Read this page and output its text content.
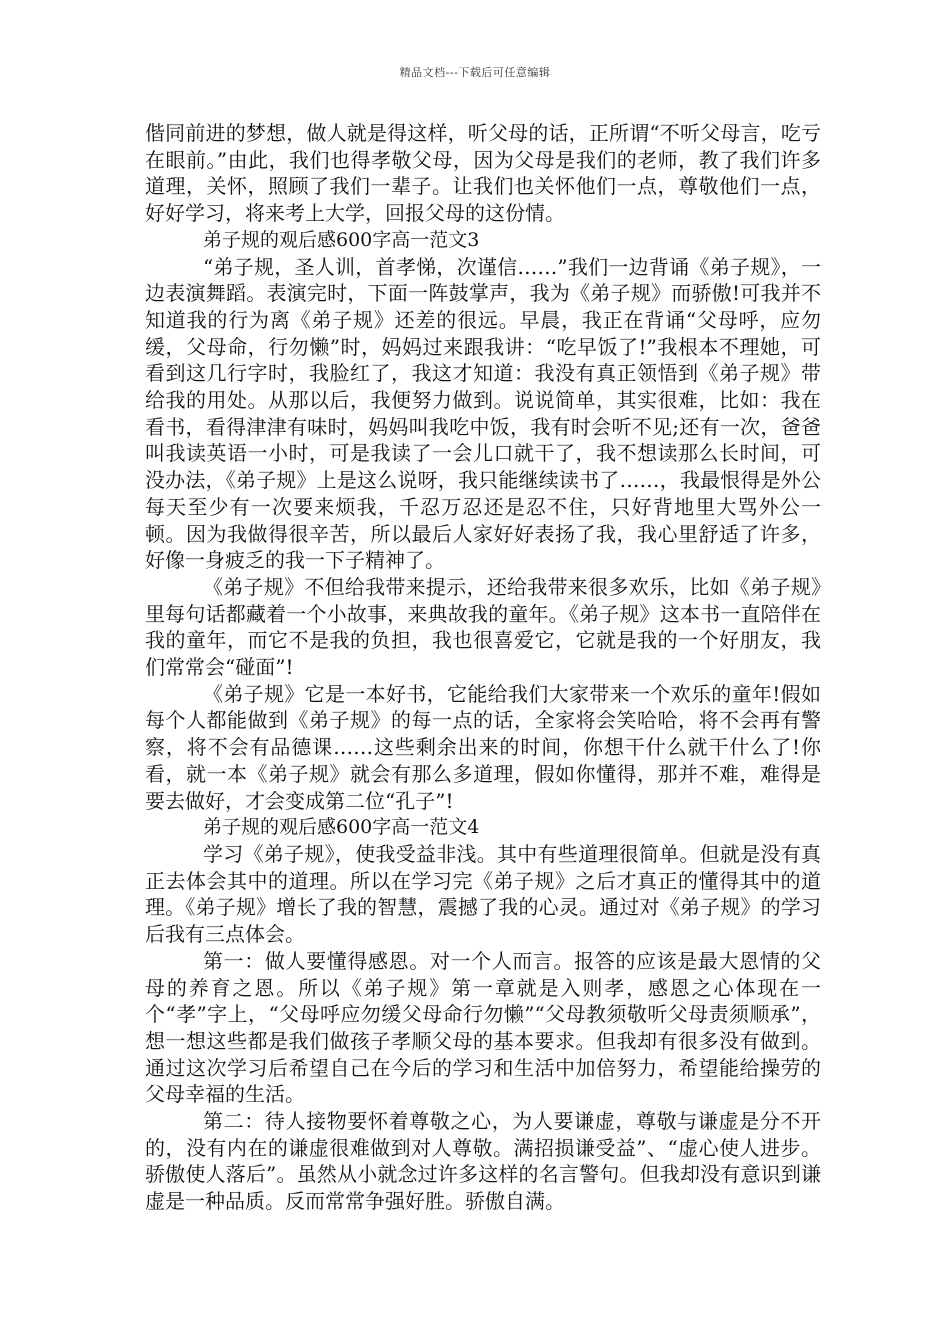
精品文档---下载后可任意编辑

偕同前进的梦想，做人就是得这样，听父母的话，正所谓“不听父母言，吃亏在眼前。”由此，我们也得孝敬父母，因为父母是我们的老师，教了我们许多道理，关怀，照顾了我们一辈子。让我们也关怀他们一点，尊敬他们一点，好好学习，将来考上大学，回报父母的这份情。

弟子规的观后感600字高一范文3

“弟子规，圣人训，首孝悌，次谨信……”我们一边背诵《弟子规》，一边表演舞蹈。表演完时，下面一阵鼓掌声，我为《弟子规》而骄傲!可我并不知道我的行为离《弟子规》还差的很远。早晨，我正在背诵“父母呼，应勿缓，父母命，行勿懒”时，妈妈过来跟我讲：“吃早饭了!”我根本不理她，可看到这几行字时，我脸红了，我这才知道：我没有真正领悟到《弟子规》带给我的用处。从那以后，我便努力做到。说说简单，其实很难，比如：我在看书，看得津津有味时，妈妈叫我吃中饭，我有时会听不见;还有一次，爸爸叫我读英语一小时，可是我读了一会儿口就干了，我不想读那么长时间，可没办法，《弟子规》上是这么说呀，我只能继续读书了……，我最恨得是外公每天至少有一次要来烦我，千忍万忍还是忍不住，只好背地里大骂外公一顿。因为我做得很辛苦，所以最后人家好好表扬了我，我心里舒适了许多，好像一身疲乏的我一下子精神了。

《弟子规》不但给我带来提示，还给我带来很多欢乐，比如《弟子规》里每句话都藏着一个小故事，来典故我的童年。《弟子规》这本书一直陪伴在我的童年，而它不是我的负担，我也很喜爱它，它就是我的一个好朋友，我们常常会“碰面”!

《弟子规》它是一本好书，它能给我们大家带来一个欢乐的童年!假如每个人都能做到《弟子规》的每一点的话，全家将会笑哈哈，将不会再有警察，将不会有品德课……这些剩余出来的时间，你想干什么就干什么了!你看，就一本《弟子规》就会有那么多道理，假如你懂得，那并不难，难得是要去做好，才会变成第二位“孔子”!

弟子规的观后感600字高一范文4

学习《弟子规》，使我受益非浅。其中有些道理很简单。但就是没有真正去体会其中的道理。所以在学习完《弟子规》之后才真正的懂得其中的道理。《弟子规》增长了我的智慧，震撼了我的心灵。通过对《弟子规》的学习后我有三点体会。

第一：做人要懂得感恩。对一个人而言。报答的应该是最大恩情的父母的养育之恩。所以《弟子规》第一章就是入则孝，感恩之心体现在一个“孝”字上，“父母呼应勿缓父母命行勿懒”“父母教须敬听父母责须顺承”，想一想这些都是我们做孩子孝顺父母的基本要求。但我却有很多没有做到。通过这次学习后希望自己在今后的学习和生活中加倍努力，希望能给操劳的父母幸福的生活。

第二：待人接物要怀着尊敬之心，为人要谦虚，尊敬与谦虚是分不开的，没有内在的谦虚很难做到对人尊敬。满招损谦受益”、“虚心使人进步。骄傲使人落后”。虽然从小就念过许多这样的名言警句。但我却没有意识到谦虚是一种品质。反而常常争强好胜。骄傲自满。
